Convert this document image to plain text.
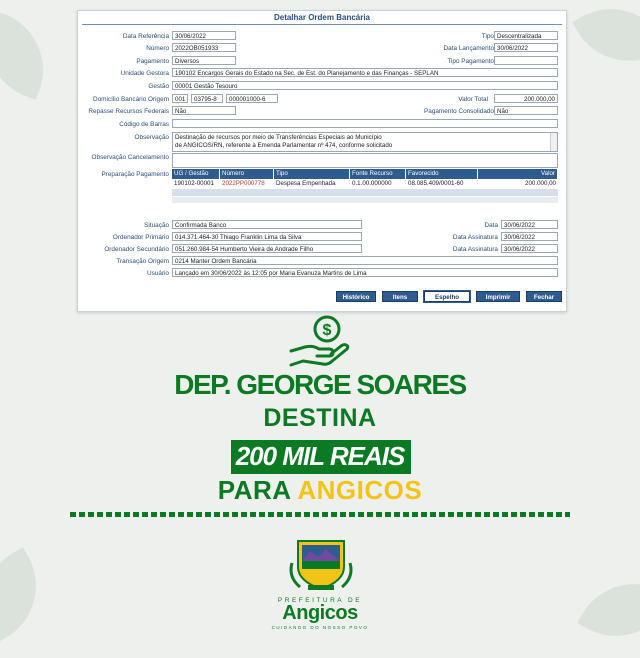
Detalhar Ordem Bancária
Data Referência 30/06/2022	Tipo Descentralizada
Número 2022OB051933	Data Lançamento 30/06/2022
Pagamento Diversos	Tipo Pagamento
Unidade Gestora 190102 Encargos Gerais do Estado na Sec. de Est. do Planejamento e das Finanças - SEPLAN
Gestão 00001 Gestão Tesouro
Domicílio Bancário Origem 001	03795-8	000001000-6	Valor Total	200.000,00
Repasse Recursos Federais Não	Pagamento Consolidado Não
Código de Barras
Observação Destinação de recursos por meio de Transferências Especiais ao Município
de ANGICOS/RN, referente à Emenda Parlamentar nº 474, conforme solicitado
Observação Cancelamento
Preparação Pagamento UG / Gestão	Número	Tipo	Fonte Recurso	Favorecido	Valor
190102-00001	2022PP000778	Despesa Empenhada	0.1.00.000000	08.085.409/0001-60	200.000,00
Situação Confirmada Banco	Data 30/06/2022
Ordenador Primário 014.371.464-30 Thiago Franklin Lima da Silva	Data Assinatura 30/06/2022
Ordenador Secundário 051.260.984-54 Humberto Vieira de Andrade Filho	Data Assinatura 30/06/2022
Transação Origem 0214 Manter Ordem Bancária
Usuário Lançado em 30/06/2022 às 12:05 por Maria Evanuza Martins de Lima
Histórico	Itens	Espelho	Imprimir	Fechar
$
DEP. GEORGE SOARES
DESTINA
200 MIL REAIS
PARA ANGICOS
PREFEITURA DE
Angicos
CUIDANDO DO NOSSO POVO
